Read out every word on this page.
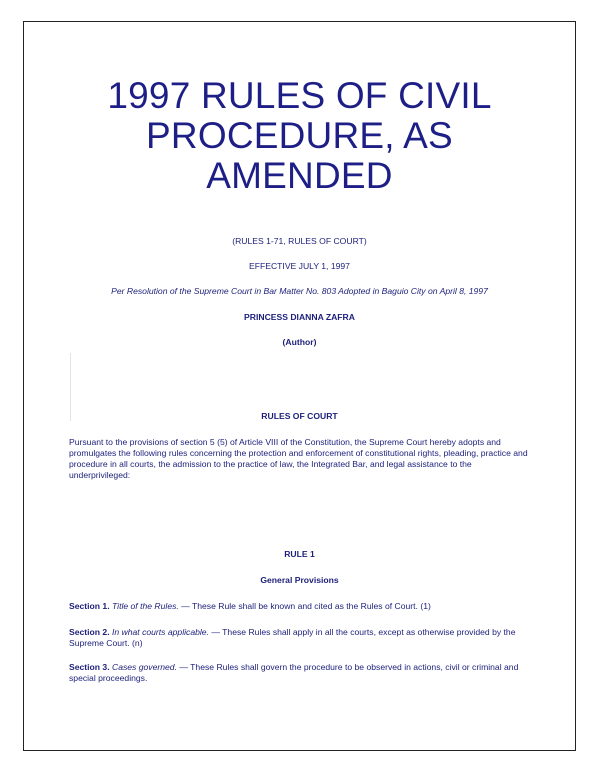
1997 RULES OF CIVIL
PROCEDURE, AS
AMENDED
(RULES 1-71, RULES OF COURT)
EFFECTIVE JULY 1, 1997
Per Resolution of the Supreme Court in Bar Matter No. 803 Adopted in Baguio City on April 8, 1997
PRINCESS DIANNA ZAFRA
(Author)
RULES OF COURT
Pursuant to the provisions of section 5 (5) of Article VIII of the Constitution, the Supreme Court hereby adopts and promulgates the following rules concerning the protection and enforcement of constitutional rights, pleading, practice and procedure in all courts, the admission to the practice of law, the Integrated Bar, and legal assistance to the underprivileged:
RULE 1
General Provisions
Section 1. Title of the Rules. — These Rule shall be known and cited as the Rules of Court. (1)
Section 2. In what courts applicable. — These Rules shall apply in all the courts, except as otherwise provided by the Supreme Court. (n)
Section 3. Cases governed. — These Rules shall govern the procedure to be observed in actions, civil or criminal and special proceedings.
